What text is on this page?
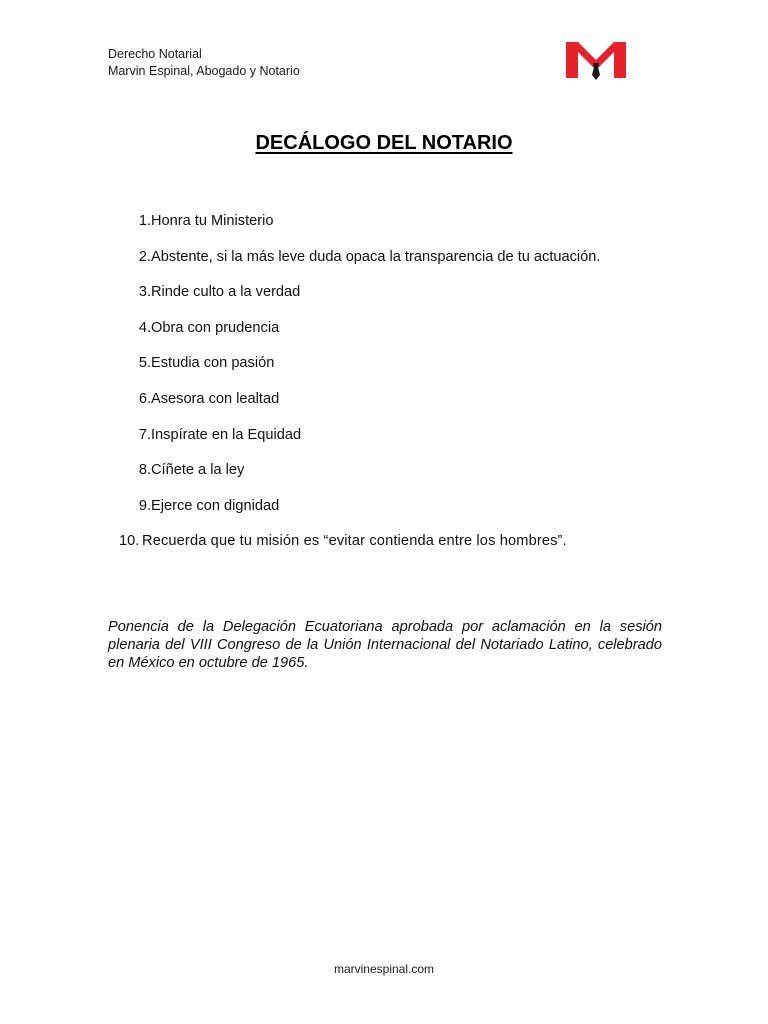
Derecho Notarial
Marvin Espinal, Abogado y Notario
DECÁLOGO DEL NOTARIO
1. Honra tu Ministerio
2. Abstente, si la más leve duda opaca la transparencia de tu actuación.
3. Rinde culto a la verdad
4. Obra con prudencia
5. Estudia con pasión
6. Asesora con lealtad
7. Inspírate en la Equidad
8. Cíñete a la ley
9. Ejerce con dignidad
10. Recuerda que tu misión es “evitar contienda entre los hombres”.

Ponencia de la Delegación Ecuatoriana aprobada por aclamación en la sesión plenaria del VIII Congreso de la Unión Internacional del Notariado Latino, celebrado en México en octubre de 1965.

marvinespinal.com
